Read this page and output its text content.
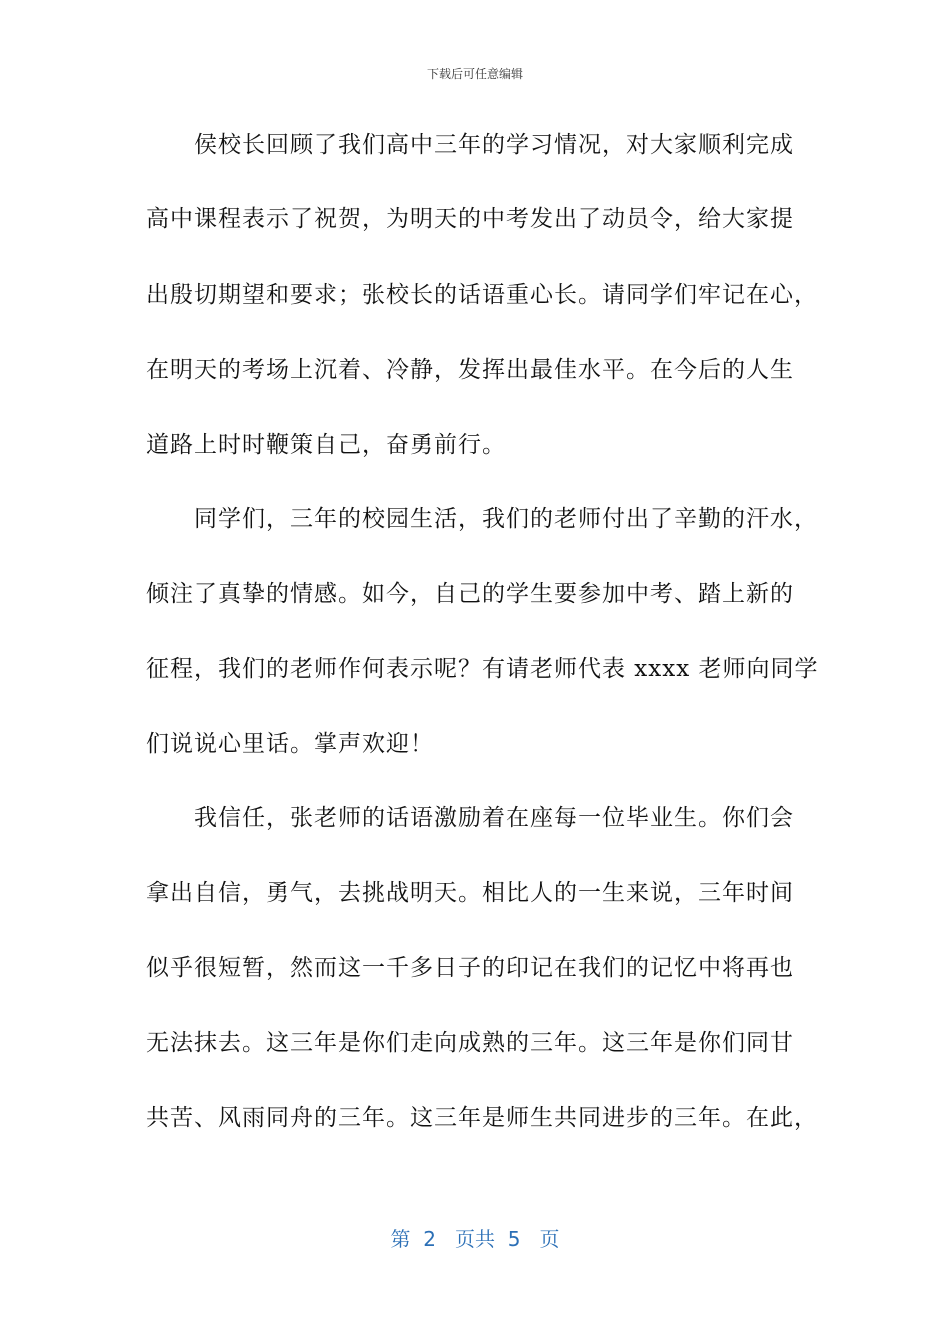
下载后可任意编辑
侯校长回顾了我们高中三年的学习情况，对大家顺利完成
高中课程表示了祝贺，为明天的中考发出了动员令，给大家提
出殷切期望和要求；张校长的话语重心长。请同学们牢记在心，
在明天的考场上沉着、冷静，发挥出最佳水平。在今后的人生
道路上时时鞭策自己，奋勇前行。
同学们，三年的校园生活，我们的老师付出了辛勤的汗水，
倾注了真挚的情感。如今，自己的学生要参加中考、踏上新的
征程，我们的老师作何表示呢？有请老师代表 xxxx 老师向同学
们说说心里话。掌声欢迎！
我信任，张老师的话语激励着在座每一位毕业生。你们会
拿出自信，勇气，去挑战明天。相比人的一生来说，三年时间
似乎很短暂，然而这一千多日子的印记在我们的记忆中将再也
无法抹去。这三年是你们走向成熟的三年。这三年是你们同甘
共苦、风雨同舟的三年。这三年是师生共同进步的三年。在此，
第  2   页共  5   页
